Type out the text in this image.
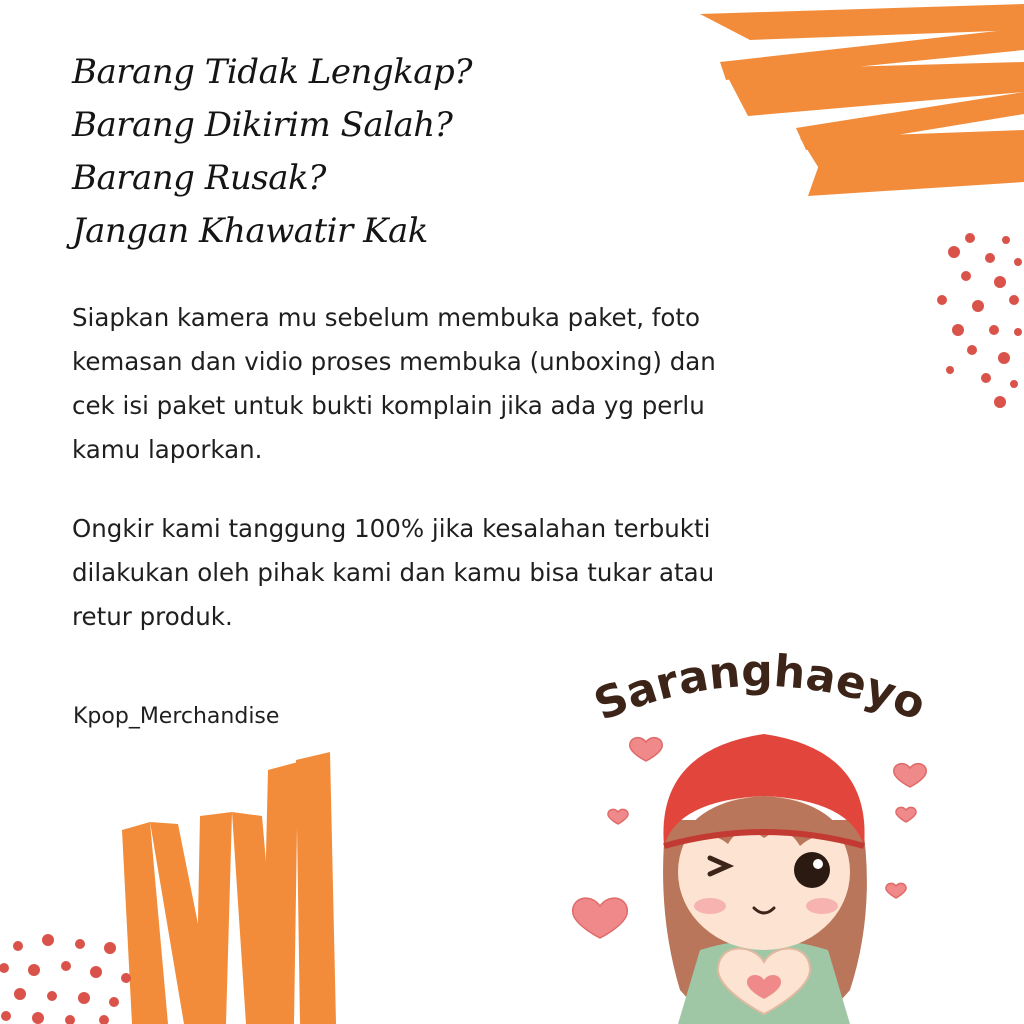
Barang Tidak Lengkap?
Barang Dikirim Salah?
Barang Rusak?
Jangan Khawatir Kak

Siapkan kamera mu sebelum membuka paket, foto
kemasan dan vidio proses membuka (unboxing) dan
cek isi paket untuk bukti komplain jika ada yg perlu
kamu laporkan.

Ongkir kami tanggung 100% jika kesalahan terbukti
dilakukan oleh pihak kami dan kamu bisa tukar atau
retur produk.

Kpop_Merchandise	Saranghaeyo
